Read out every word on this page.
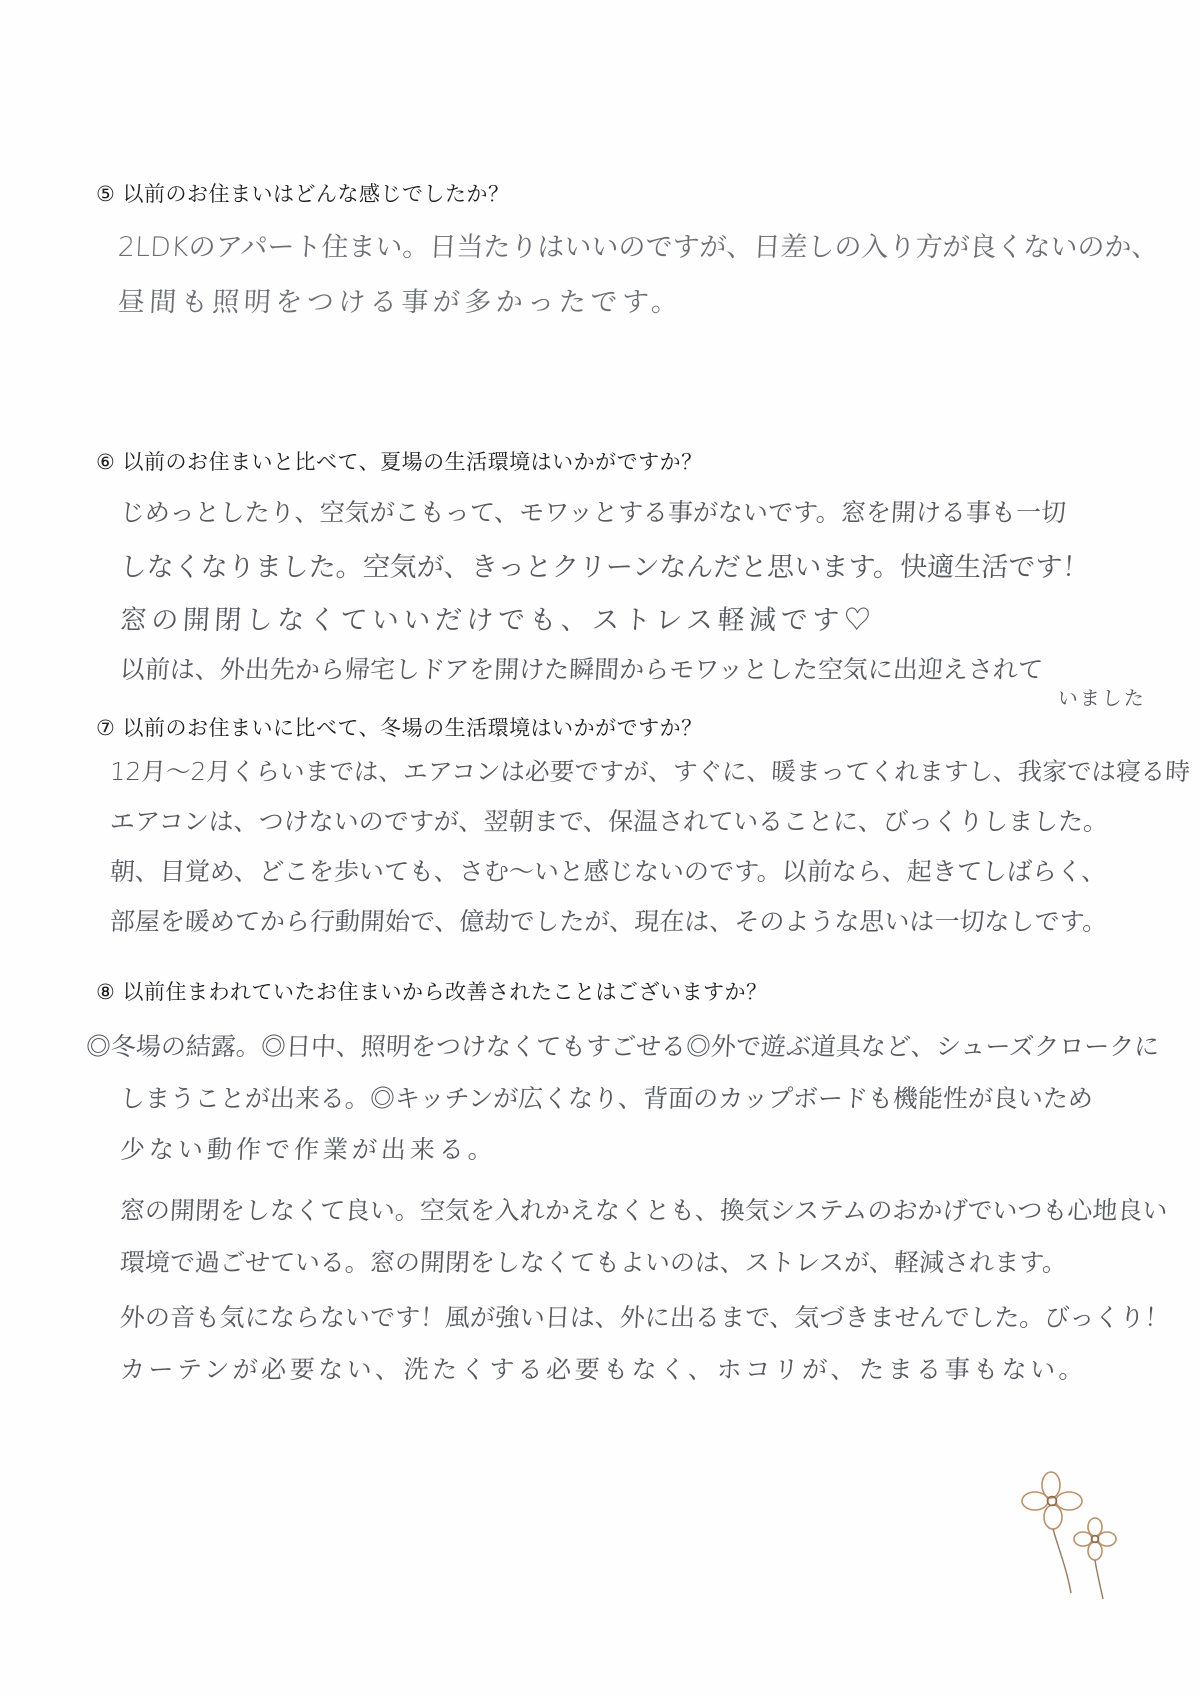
⑤ 以前のお住まいはどんな感じでしたか？
2LDKのアパート住まい。日当たりはいいのですが、日差しの入り方が良くないのか、
昼間も照明をつける事が多かったです。
⑥ 以前のお住まいと比べて、夏場の生活環境はいかがですか？
じめっとしたり、空気がこもって、モワッとする事がないです。窓を開ける事も一切
しなくなりました。空気が、きっとクリーンなんだと思います。快適生活です！
窓の開閉しなくていいだけでも、ストレス軽減です♡
以前は、外出先から帰宅しドアを開けた瞬間からモワッとした空気に出迎えされて
いました
⑦ 以前のお住まいに比べて、冬場の生活環境はいかがですか？
12月〜2月くらいまでは、エアコンは必要ですが、すぐに、暖まってくれますし、我家では寝る時
エアコンは、つけないのですが、翌朝まで、保温されていることに、びっくりしました。
朝、目覚め、どこを歩いても、さむ〜いと感じないのです。以前なら、起きてしばらく、
部屋を暖めてから行動開始で、億劫でしたが、現在は、そのような思いは一切なしです。
⑧ 以前住まわれていたお住まいから改善されたことはございますか？
◎冬場の結露。◎日中、照明をつけなくてもすごせる◎外で遊ぶ道具など、シューズクロークに
しまうことが出来る。◎キッチンが広くなり、背面のカップボードも機能性が良いため
少ない動作で作業が出来る。
窓の開閉をしなくて良い。空気を入れかえなくとも、換気システムのおかげでいつも心地良い
環境で過ごせている。窓の開閉をしなくてもよいのは、ストレスが、軽減されます。
外の音も気にならないです！風が強い日は、外に出るまで、気づきませんでした。びっくり！
カーテンが必要ない、洗たくする必要もなく、ホコリが、たまる事もない。
